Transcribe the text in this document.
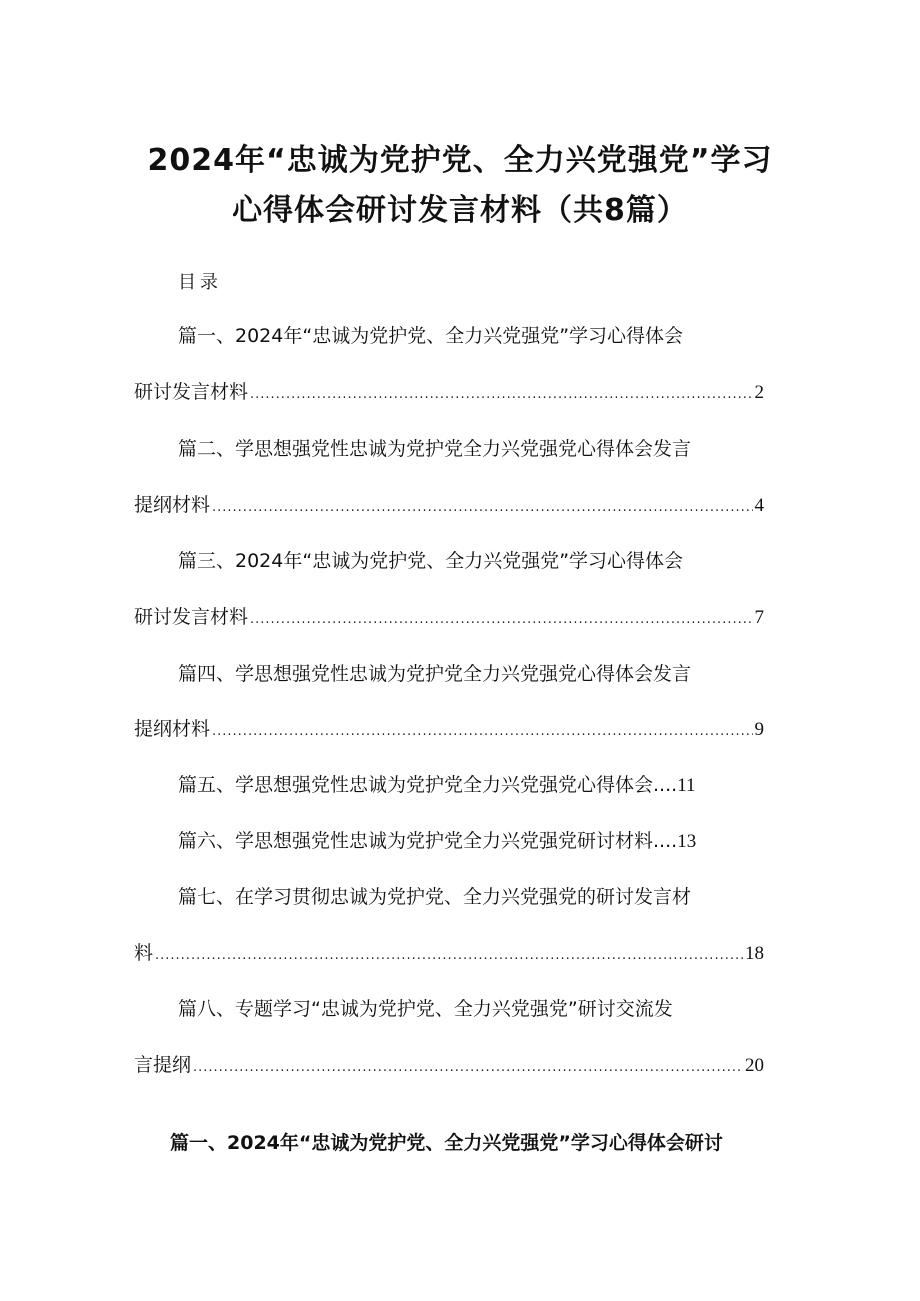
2024年“忠诚为党护党、全力兴党强党”学习
心得体会研讨发言材料（共8篇）
目录
篇一、2024年“忠诚为党护党、全力兴党强党”学习心得体会
研讨发言材料 .....	2
篇二、学思想强党性忠诚为党护党全力兴党强党心得体会发言
提纲材料 .....	4
篇三、2024年“忠诚为党护党、全力兴党强党”学习心得体会
研讨发言材料 .....	7
篇四、学思想强党性忠诚为党护党全力兴党强党心得体会发言
提纲材料 .....	9
篇五、学思想强党性忠诚为党护党全力兴党强党心得体会 .... 11
篇六、学思想强党性忠诚为党护党全力兴党强党研讨材料 .... 13
篇七、在学习贯彻忠诚为党护党、全力兴党强党的研讨发言材
料 .....	18
篇八、专题学习“忠诚为党护党、全力兴党强党”研讨交流发
言提纲 .....	20
篇一、2024年“忠诚为党护党、全力兴党强党”学习心得体会研讨
